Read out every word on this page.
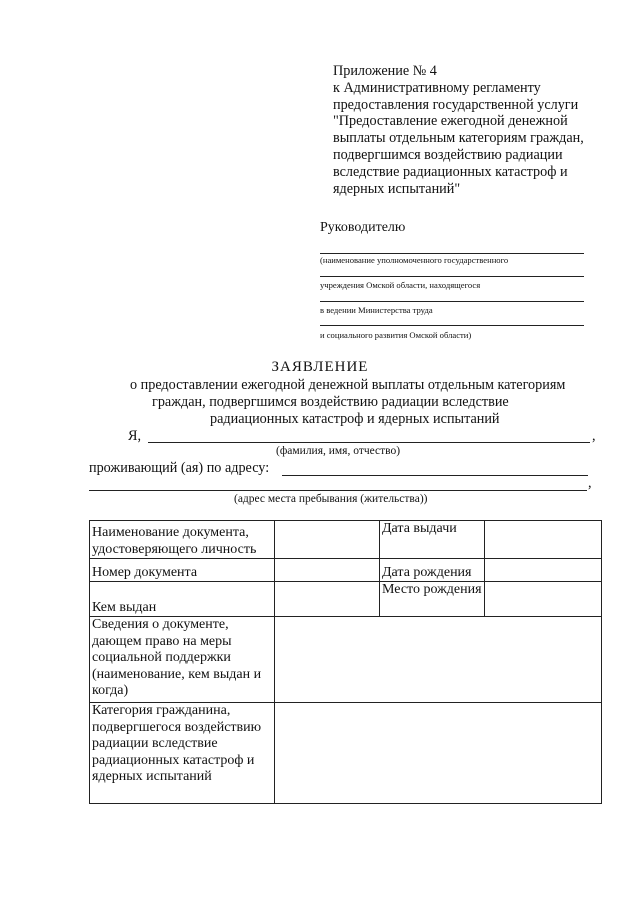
Приложение № 4
к Административному регламенту
предоставления государственной услуги
"Предоставление ежегодной денежной
выплаты отдельным категориям граждан,
подвергшимся воздействию радиации
вследствие радиационных катастроф и
ядерных испытаний"
Руководителю
(наименование уполномоченного государственного
учреждения Омской области, находящегося
в ведении Министерства труда
и социального развития Омской области)
ЗАЯВЛЕНИЕ
о предоставлении ежегодной денежной выплаты отдельным категориям
граждан, подвергшимся воздействию радиации вследствие
радиационных катастроф и ядерных испытаний
Я,	,
(фамилия, имя, отчество)
проживающий (ая) по адресу:
,
(адрес места пребывания (жительства))
Наименование документа, удостоверяющего личность		Дата выдачи	
Номер документа		Дата рождения	
Кем выдан		Место рождения	
Сведения о документе, дающем право на меры социальной поддержки (наименование, кем выдан и когда)			
Категория гражданина, подвергшегося воздействию радиации вследствие радиационных катастроф и ядерных испытаний			
